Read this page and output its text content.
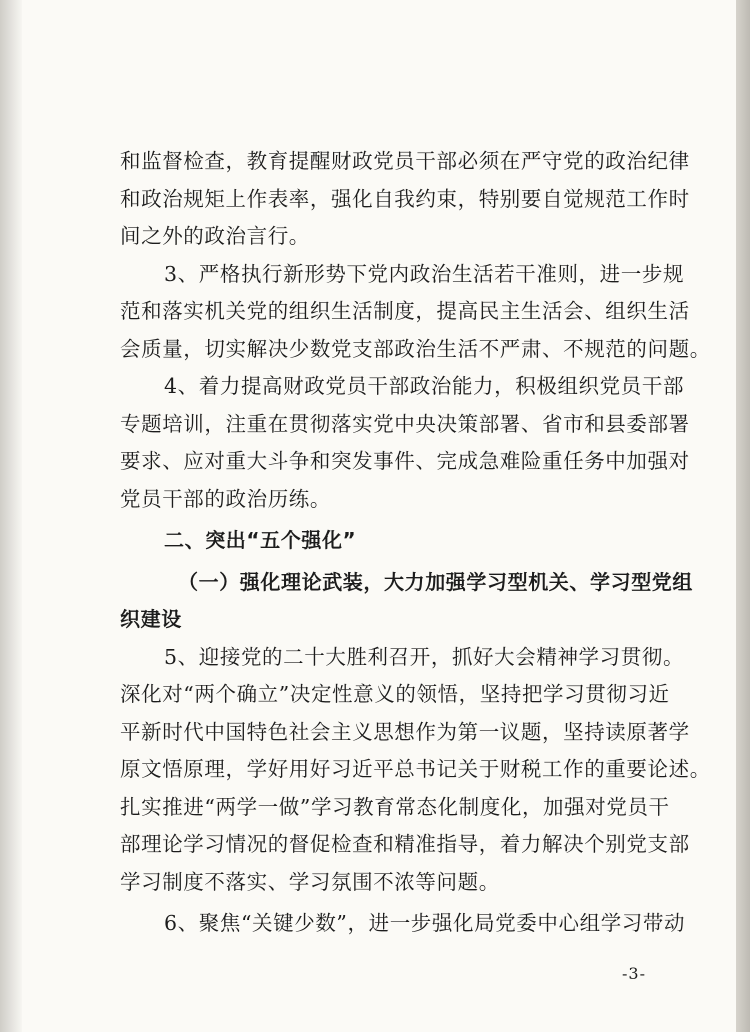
和监督检查，教育提醒财政党员干部必须在严守党的政治纪律
和政治规矩上作表率，强化自我约束，特别要自觉规范工作时
间之外的政治言行。
3、严格执行新形势下党内政治生活若干准则，进一步规
范和落实机关党的组织生活制度，提高民主生活会、组织生活
会质量，切实解决少数党支部政治生活不严肃、不规范的问题。
4、着力提高财政党员干部政治能力，积极组织党员干部
专题培训，注重在贯彻落实党中央决策部署、省市和县委部署
要求、应对重大斗争和突发事件、完成急难险重任务中加强对
党员干部的政治历练。
二、突出“五个强化”
（一）强化理论武装，大力加强学习型机关、学习型党组
织建设
5、迎接党的二十大胜利召开，抓好大会精神学习贯彻。
深化对“两个确立”决定性意义的领悟，坚持把学习贯彻习近
平新时代中国特色社会主义思想作为第一议题，坚持读原著学
原文悟原理，学好用好习近平总书记关于财税工作的重要论述。
扎实推进“两学一做”学习教育常态化制度化，加强对党员干
部理论学习情况的督促检查和精准指导，着力解决个别党支部
学习制度不落实、学习氛围不浓等问题。
6、聚焦“关键少数”，进一步强化局党委中心组学习带动
-3-
